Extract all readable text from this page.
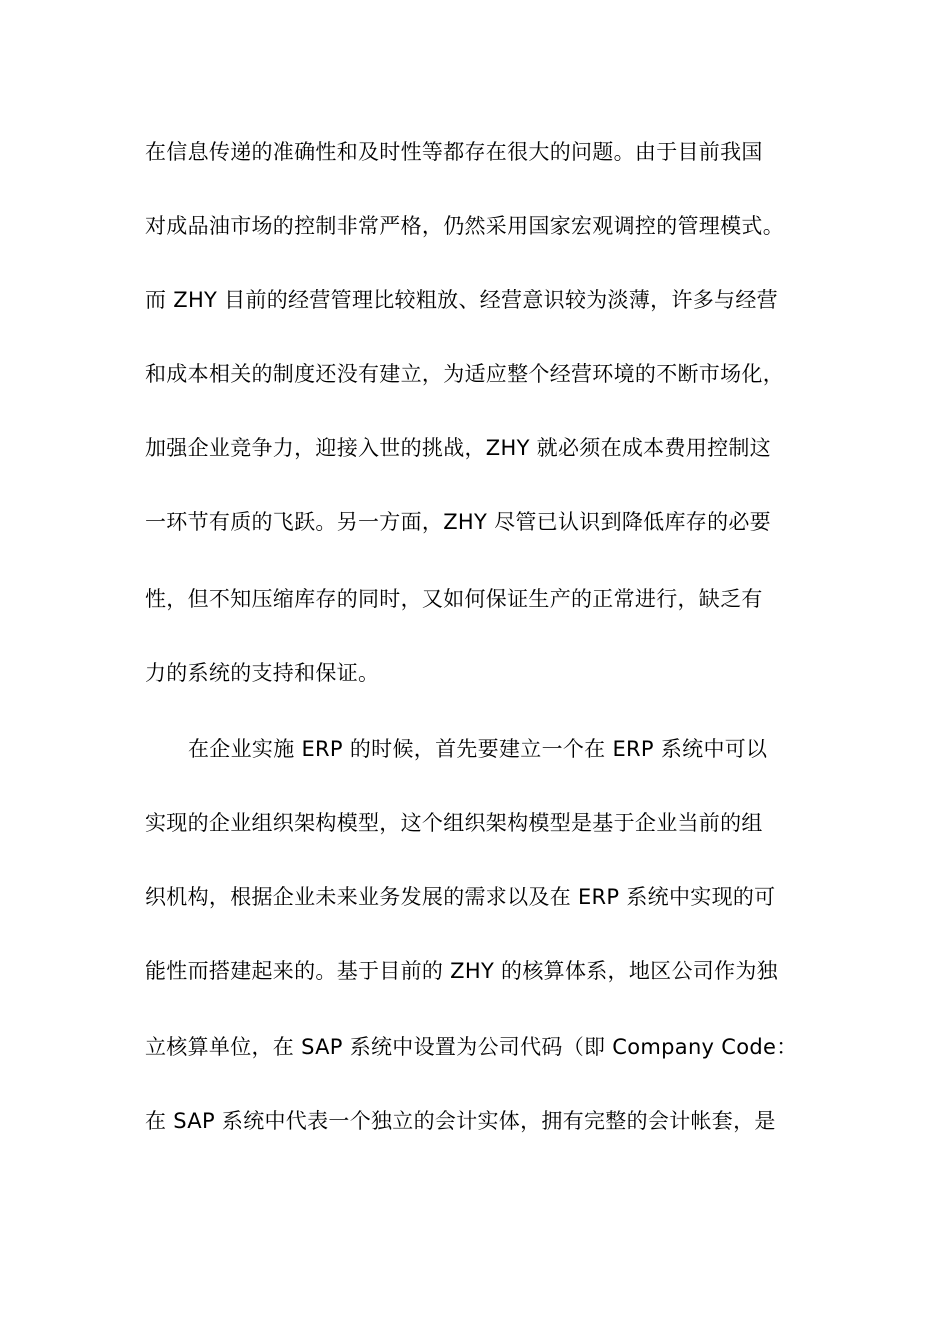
在信息传递的准确性和及时性等都存在很大的问题。由于目前我国
对成品油市场的控制非常严格，仍然采用国家宏观调控的管理模式。
而 ZHY 目前的经营管理比较粗放、经营意识较为淡薄，许多与经营
和成本相关的制度还没有建立，为适应整个经营环境的不断市场化，
加强企业竞争力，迎接入世的挑战，ZHY 就必须在成本费用控制这
一环节有质的飞跃。另一方面，ZHY 尽管已认识到降低库存的必要
性，但不知压缩库存的同时，又如何保证生产的正常进行，缺乏有
力的系统的支持和保证。
在企业实施 ERP 的时候，首先要建立一个在 ERP 系统中可以
实现的企业组织架构模型，这个组织架构模型是基于企业当前的组
织机构，根据企业未来业务发展的需求以及在 ERP 系统中实现的可
能性而搭建起来的。基于目前的 ZHY 的核算体系，地区公司作为独
立核算单位，在 SAP 系统中设置为公司代码（即 Company Code：
在 SAP 系统中代表一个独立的会计实体，拥有完整的会计帐套，是
